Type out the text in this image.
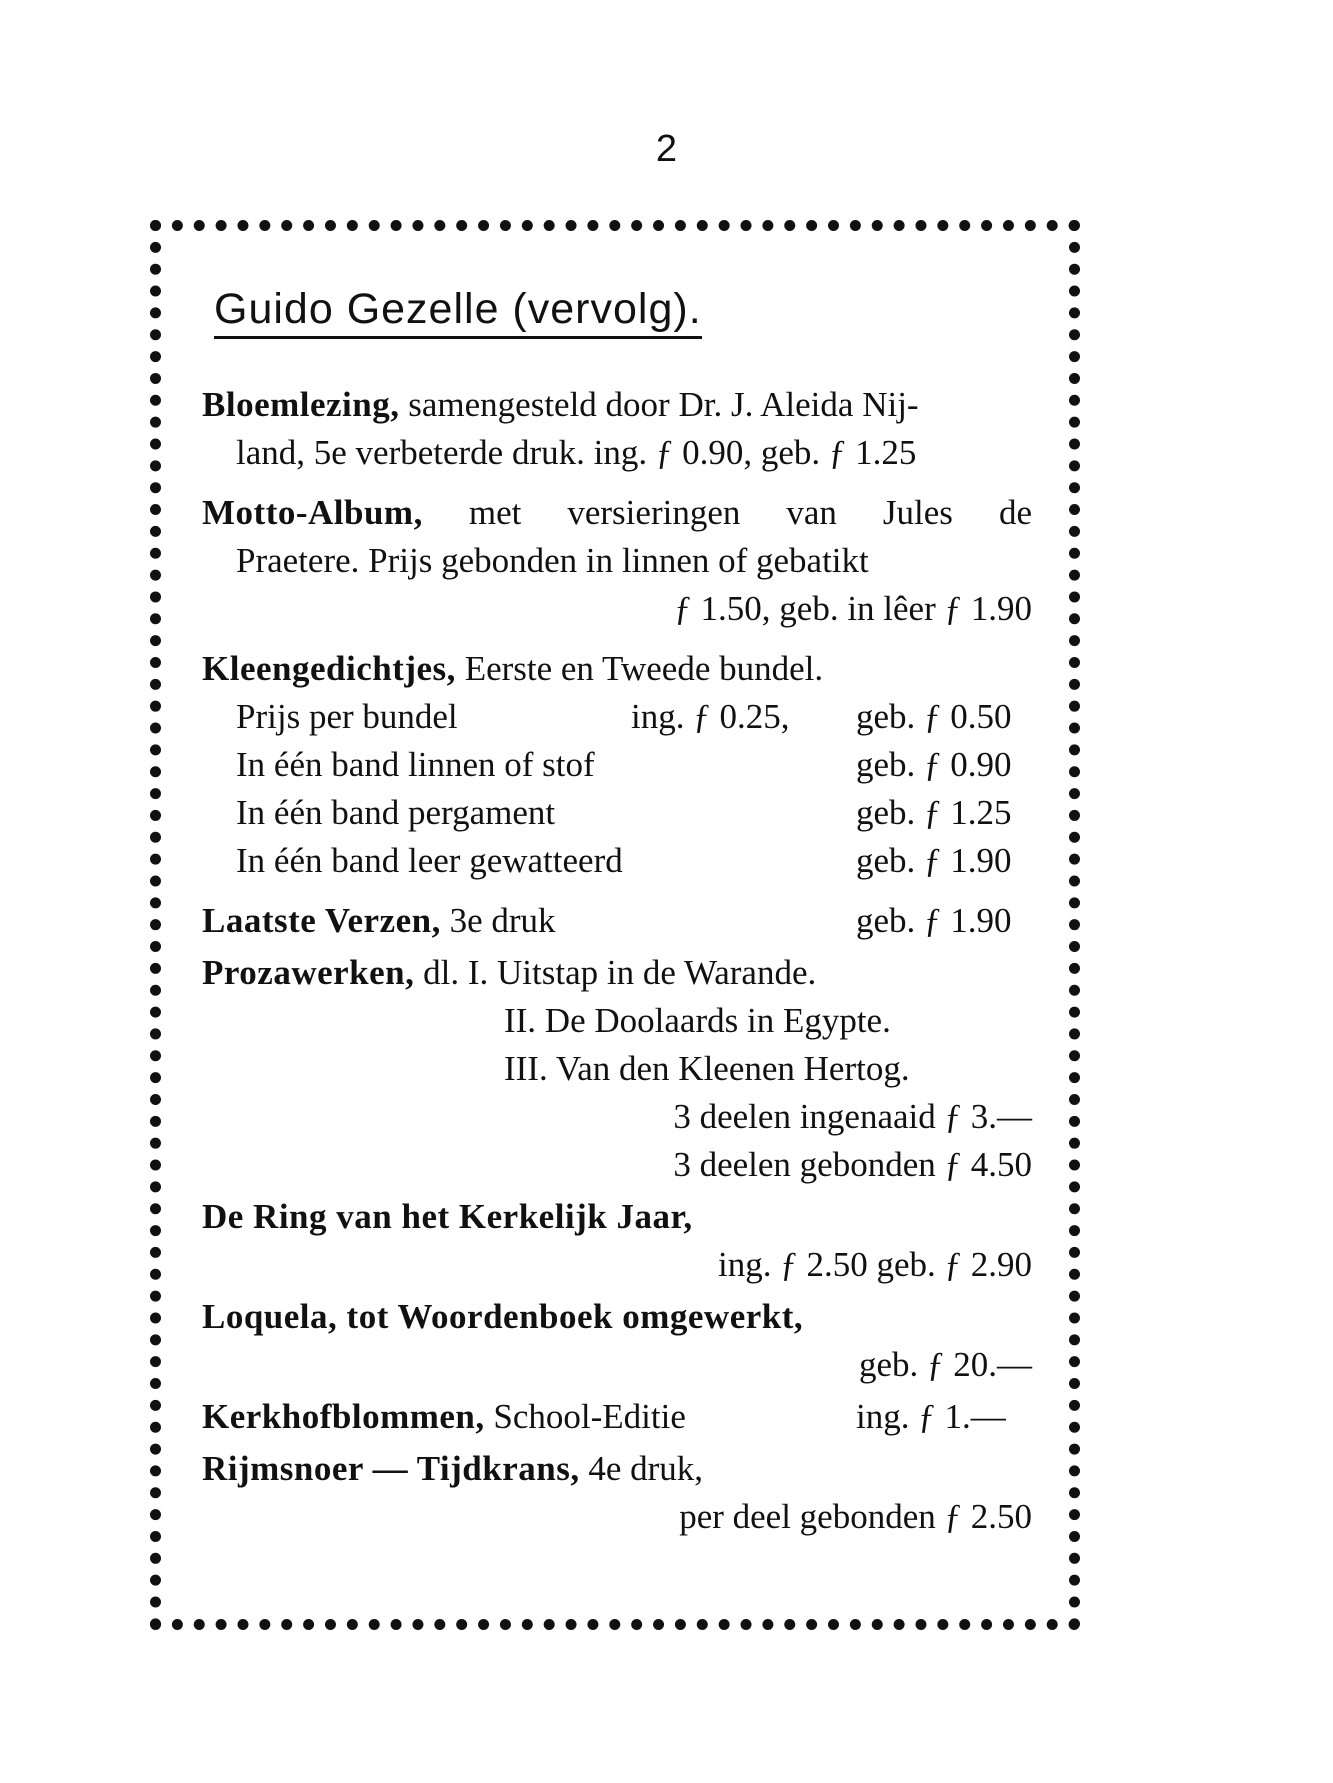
2
Guido Gezelle (vervolg).
Bloemlezing, samengesteld door Dr. J. Aleida Nij-
land, 5e verbeterde druk. ing. ƒ 0.90, geb. ƒ 1.25
Motto-Album, met versieringen van Jules de
Praetere. Prijs gebonden in linnen of gebatikt
ƒ 1.50, geb. in lêer ƒ 1.90
Kleengedichtjes, Eerste en Tweede bundel.
Prijs per bundel	ing. ƒ 0.25,	geb. ƒ 0.50
In één band linnen of stof	geb. ƒ 0.90
In één band pergament	geb. ƒ 1.25
In één band leer gewatteerd	geb. ƒ 1.90
Laatste Verzen, 3e druk	geb. ƒ 1.90
Prozawerken, dl. I. Uitstap in de Warande.
II. De Doolaards in Egypte.
III. Van den Kleenen Hertog.
3 deelen ingenaaid ƒ 3.—
3 deelen gebonden ƒ 4.50
De Ring van het Kerkelijk Jaar,
ing. ƒ 2.50 geb. ƒ 2.90
Loquela, tot Woordenboek omgewerkt,
geb. ƒ 20.—
Kerkhofblommen, School-Editie	ing. ƒ 1.—
Rijmsnoer — Tijdkrans, 4e druk,
per deel gebonden ƒ 2.50
